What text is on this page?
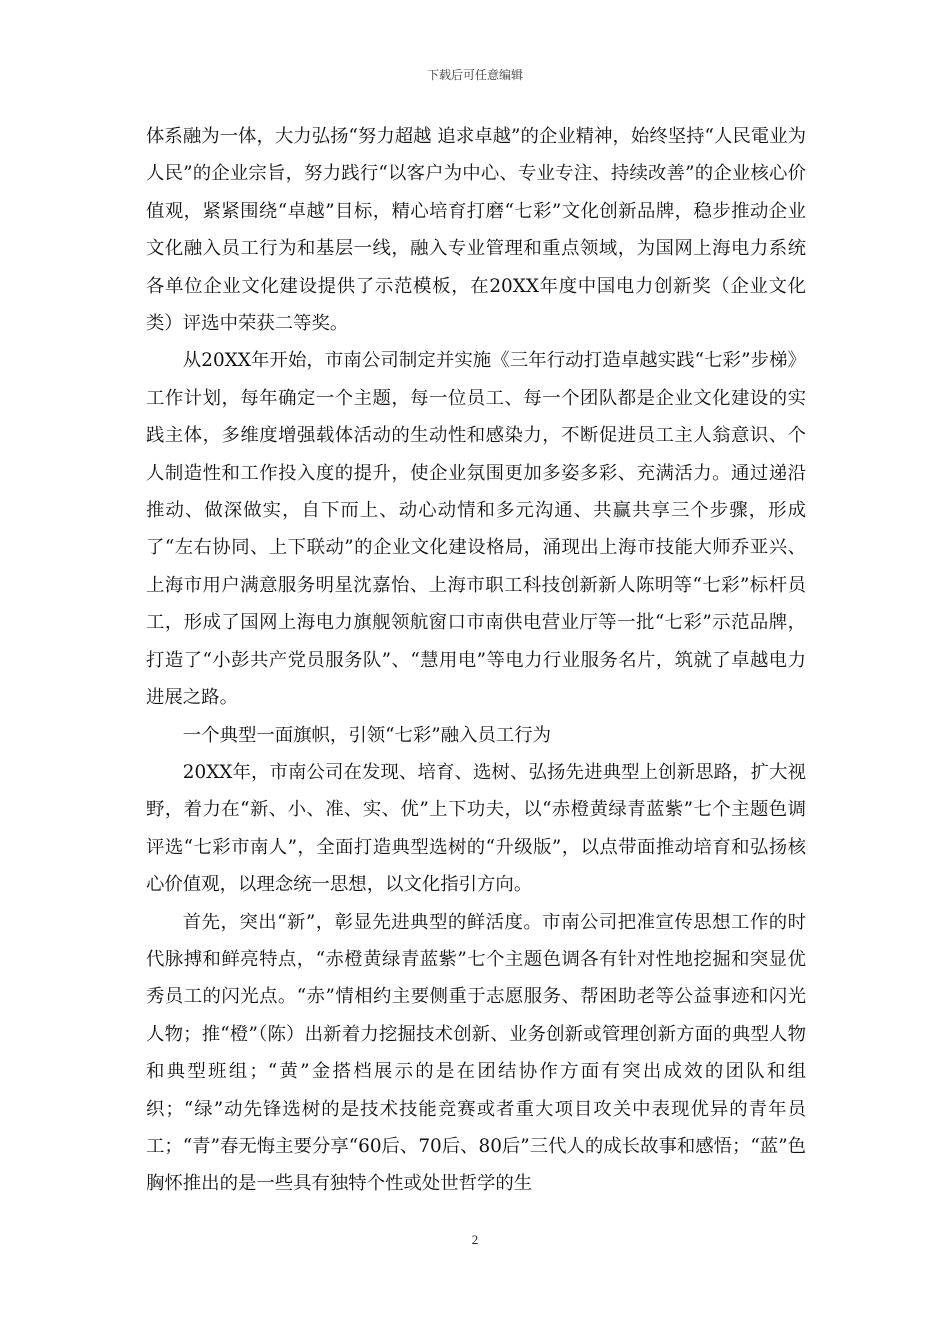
下载后可任意编辑

体系融为一体，大力弘扬“努力超越 追求卓越”的企业精神，始终坚持“人民電业为人民”的企业宗旨，努力践行“以客户为中心、专业专注、持续改善”的企业核心价值观，紧紧围绕“卓越”目标，精心培育打磨“七彩”文化创新品牌，稳步推动企业文化融入员工行为和基层一线，融入专业管理和重点领域，为国网上海电力系统各单位企业文化建设提供了示范模板，在20XX年度中国电力创新奖（企业文化类）评选中荣获二等奖。

从20XX年开始，市南公司制定并实施《三年行动打造卓越实践“七彩”步梯》工作计划，每年确定一个主题，每一位员工、每一个团队都是企业文化建设的实践主体，多维度增强载体活动的生动性和感染力，不断促进员工主人翁意识、个人制造性和工作投入度的提升，使企业氛围更加多姿多彩、充满活力。通过递沿推动、做深做实，自下而上、动心动情和多元沟通、共赢共享三个步骤，形成了“左右协同、上下联动”的企业文化建设格局，涌现出上海市技能大师乔亚兴、上海市用户满意服务明星沈嘉怡、上海市职工科技创新新人陈明等“七彩”标杆员工，形成了国网上海电力旗舰领航窗口市南供电营业厅等一批“七彩”示范品牌，打造了“小彭共产党员服务队”、“慧用电”等电力行业服务名片，筑就了卓越电力进展之路。

一个典型一面旗帜，引领“七彩”融入员工行为

20XX年，市南公司在发现、培育、选树、弘扬先进典型上创新思路，扩大视野，着力在“新、小、准、实、优”上下功夫，以“赤橙黄绿青蓝紫”七个主题色调评选“七彩市南人”，全面打造典型选树的“升级版”，以点带面推动培育和弘扬核心价值观，以理念统一思想，以文化指引方向。

首先，突出“新”，彰显先进典型的鲜活度。市南公司把准宣传思想工作的时代脉搏和鲜亮特点，“赤橙黄绿青蓝紫”七个主题色调各有针对性地挖掘和突显优秀员工的闪光点。“赤”情相约主要侧重于志愿服务、帮困助老等公益事迹和闪光人物；推“橙”（陈）出新着力挖掘技术创新、业务创新或管理创新方面的典型人物和典型班组；“黄”金搭档展示的是在团结协作方面有突出成效的团队和组织；“绿”动先锋选树的是技术技能竞赛或者重大项目攻关中表现优异的青年员工；“青”春无悔主要分享“60后、70后、80后”三代人的成长故事和感悟；“蓝”色胸怀推出的是一些具有独特个性或处世哲学的生

2
